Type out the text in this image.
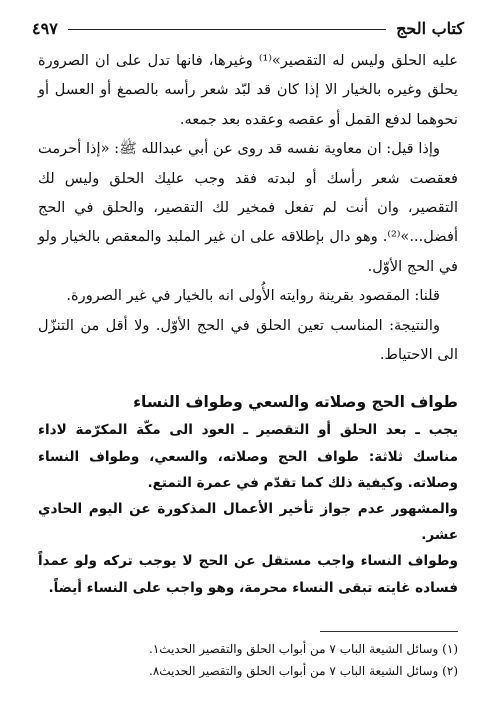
كتاب الحج
٤٩٧

عليه الحلق وليس له التقصير»⁽¹⁾ وغيرها، فانها تدل على ان الصرورة يحلق وغيره بالخيار الا إذا كان قد لبّد شعر رأسه بالصمغ أو العسل أو نحوهما لدفع القمل أو عقصه وعقده بعد جمعه.

وإذا قيل: ان معاوية نفسه قد روى عن أبي عبدالله ﷺ: «إذا أحرمت فعقصت شعر رأسك أو لبدته فقد وجب عليك الحلق وليس لك التقصير، وان أنت لم تفعل فمخير لك التقصير، والحلق في الحج أفضل...»⁽²⁾. وهو دال بإطلاقه على ان غير الملبد والمعقص بالخيار ولو في الحج الأوّل.

قلنا: المقصود بقرينة روايته الأُولى انه بالخيار في غير الصرورة.

والنتيجة: المناسب تعين الحلق في الحج الأوّل. ولا أقل من التنزّل الى الاحتياط.

طواف الحج وصلاته والسعي وطواف النساء

يجب ـ بعد الحلق أو التقصير ـ العود الى مكّة المكرّمة لاداء مناسك ثلاثة: طواف الحج وصلاته، والسعي، وطواف النساء وصلاته. وكيفية ذلك كما تقدّم في عمرة التمتع.

والمشهور عدم جواز تأخير الأعمال المذكورة عن اليوم الحادي عشر.

وطواف النساء واجب مستقل عن الحج لا يوجب تركه ولو عمداً فساده غايته تبقى النساء محرمة، وهو واجب على النساء أيضاً.

(١) وسائل الشيعة الباب ٧ من أبواب الحلق والتقصير الحديث١.

(٢) وسائل الشيعة الباب ٧ من أبواب الحلق والتقصير الحديث٨.
